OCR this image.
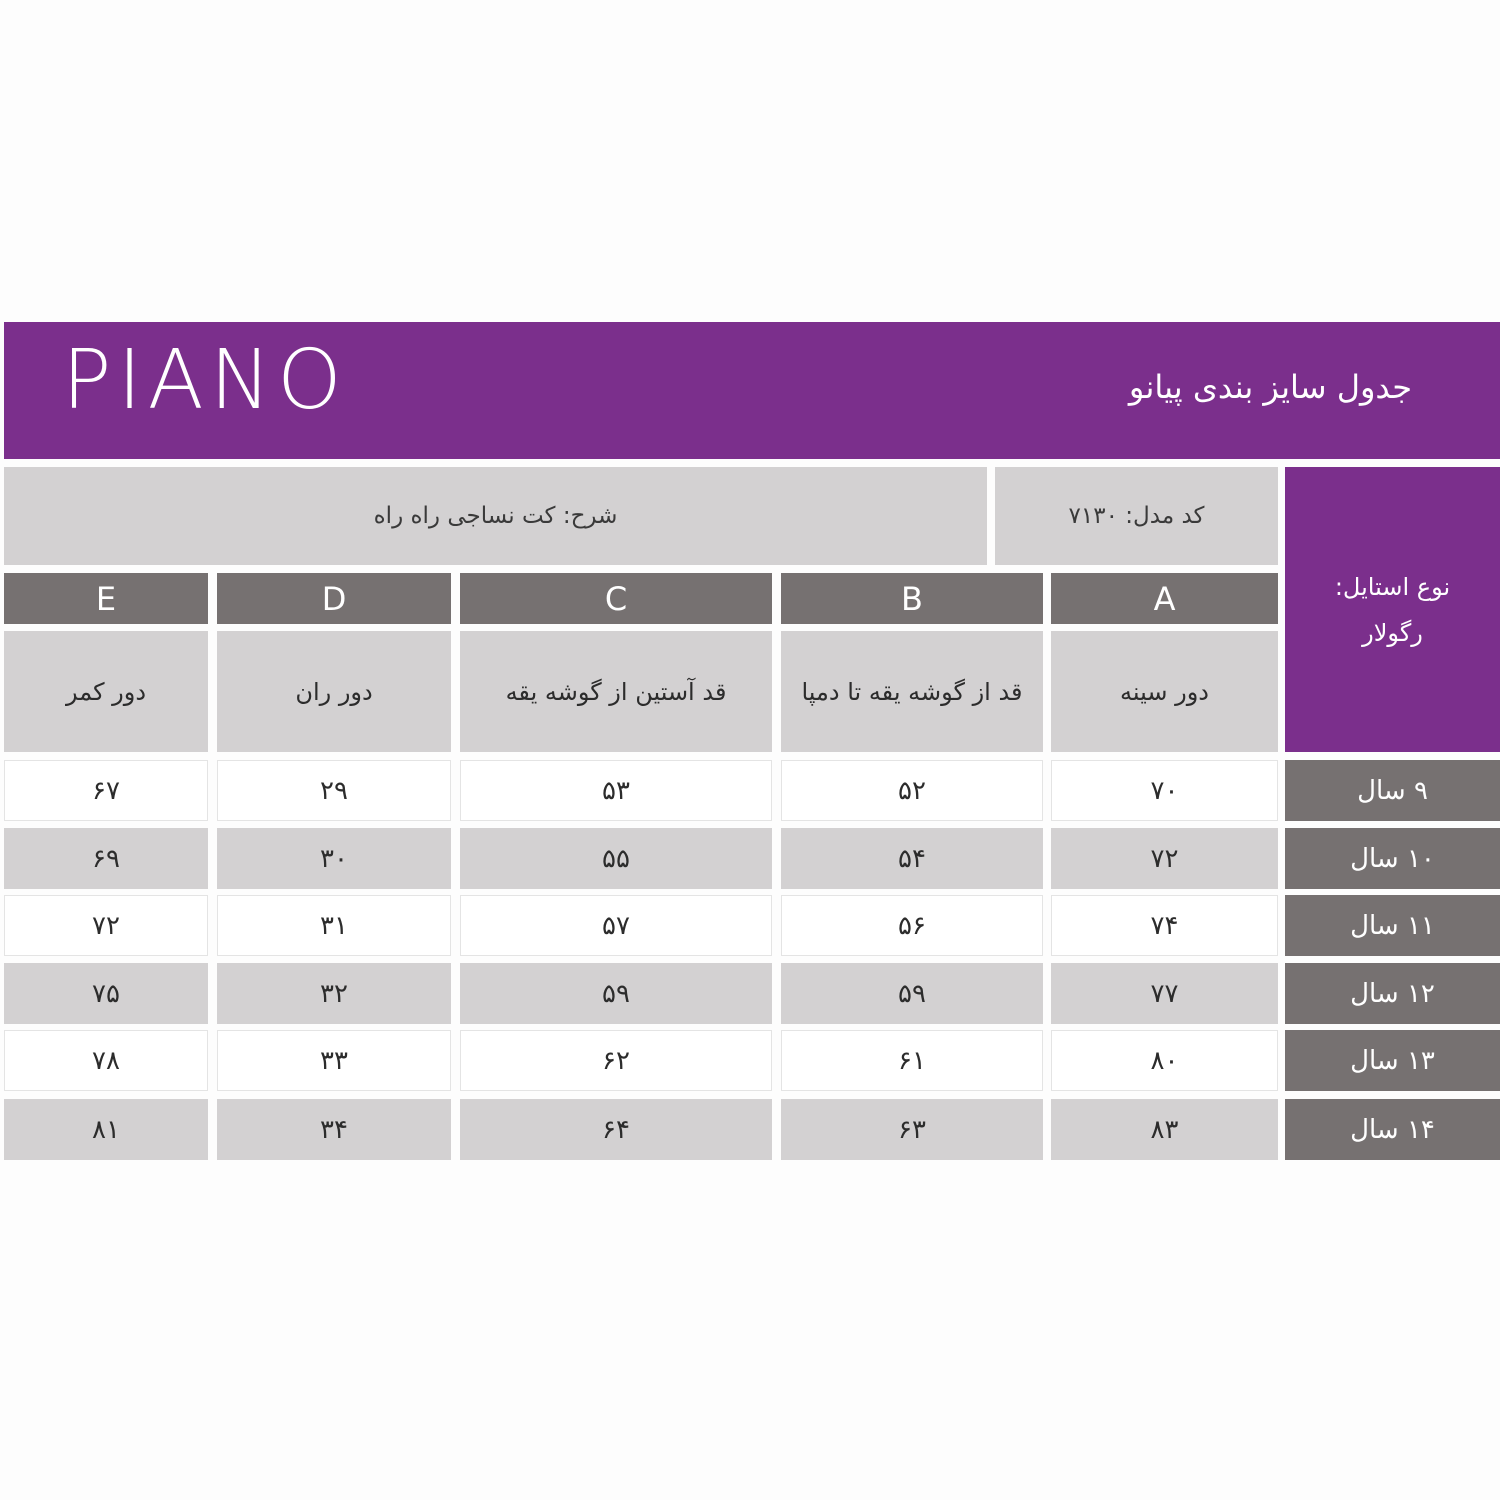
PIANO	جدول سایز بندی پیانو
شرح: کت نساجی راه راه	کد مدل: ۷۱۳۰
نوع استایل:
رگولار
A
دور سینه
B
قد از گوشه یقه تا دمپا
C
قد آستین از گوشه یقه
D
دور ران
E
دور کمر
۹ سال
۷۰
۵۲
۵۳
۲۹
۶۷
۱۰ سال
۷۲
۵۴
۵۵
۳۰
۶۹
۱۱ سال
۷۴
۵۶
۵۷
۳۱
۷۲
۱۲ سال
۷۷
۵۹
۵۹
۳۲
۷۵
۱۳ سال
۸۰
۶۱
۶۲
۳۳
۷۸
۱۴ سال
۸۳
۶۳
۶۴
۳۴
۸۱
